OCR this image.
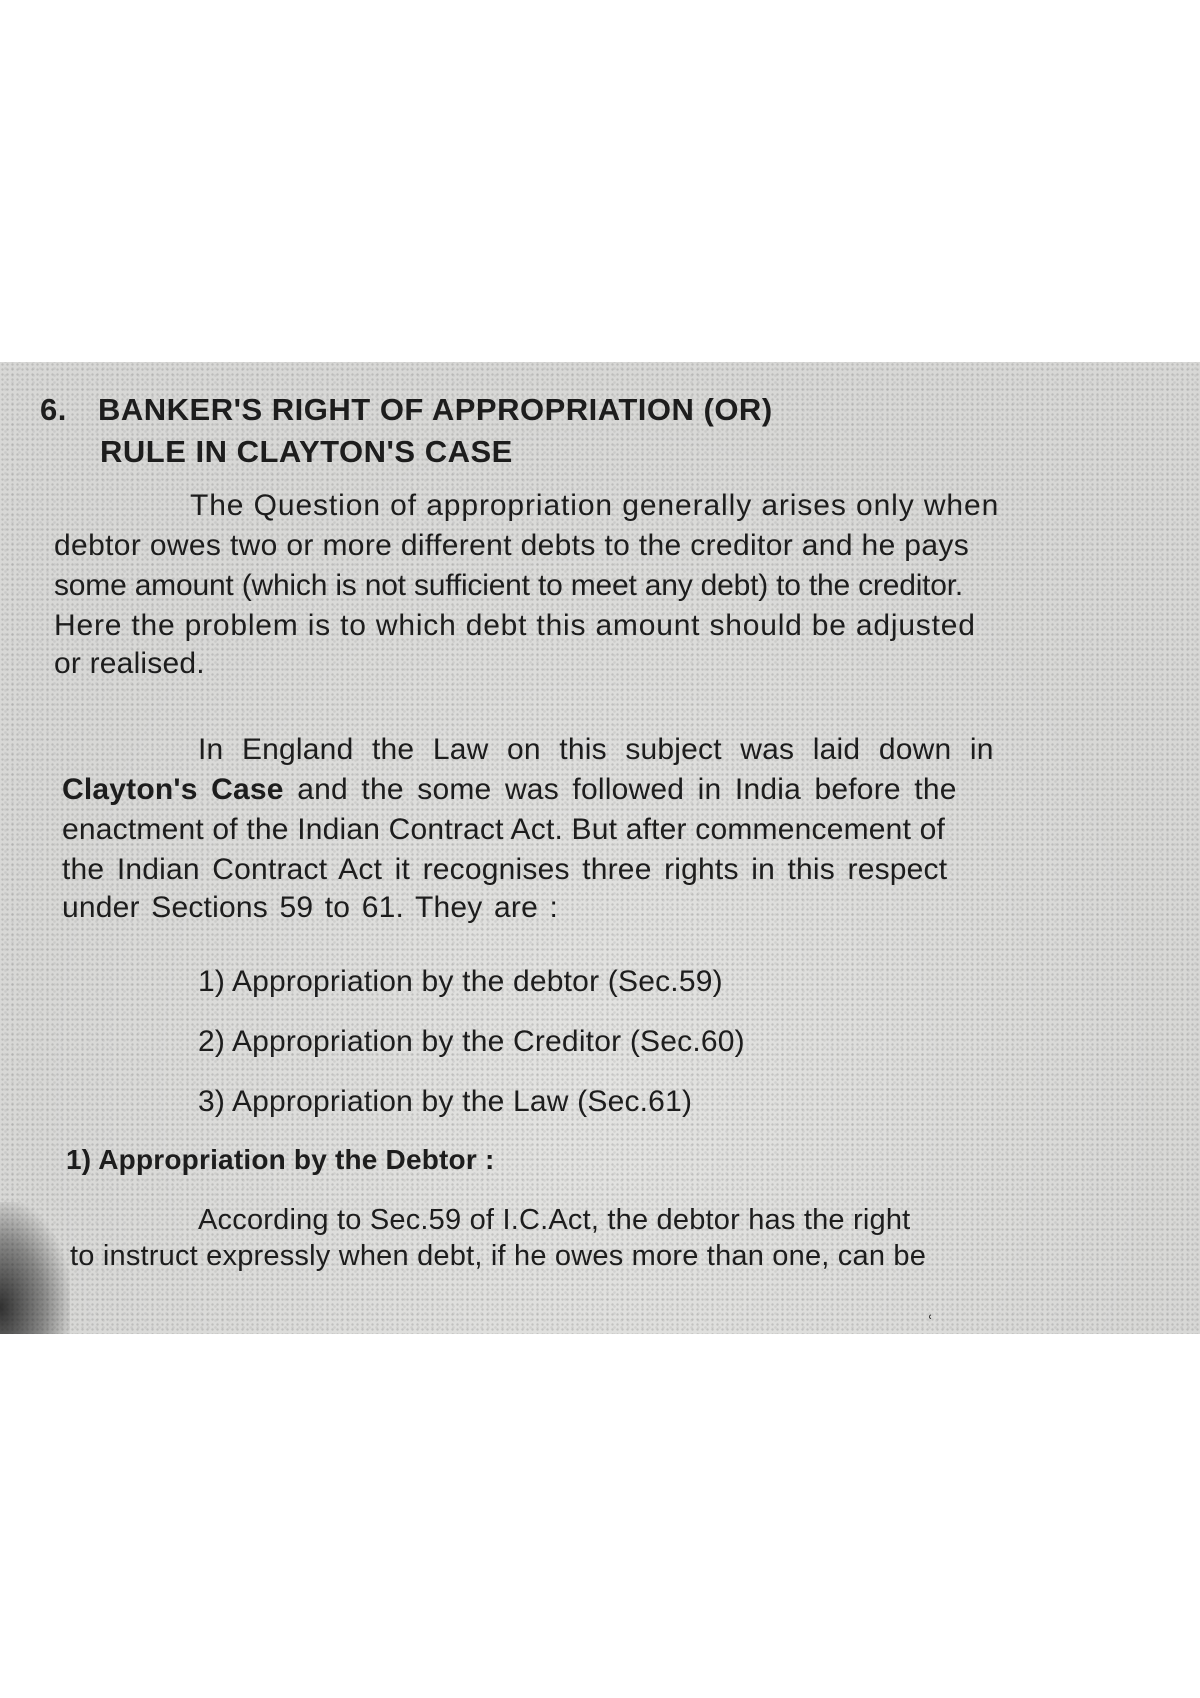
6. BANKER'S RIGHT OF APPROPRIATION (OR)
RULE IN CLAYTON'S CASE
The Question of appropriation generally arises only when
debtor owes two or more different debts to the creditor and he pays
some amount (which is not sufficient to meet any debt) to the creditor.
Here the problem is to which debt this amount should be adjusted
or realised.
In England the Law on this subject was laid down in
Clayton's Case and the some was followed in India before the
enactment of the Indian Contract Act. But after commencement of
the Indian Contract Act it recognises three rights in this respect
under Sections 59 to 61. They are :
1) Appropriation by the debtor (Sec.59)
2) Appropriation by the Creditor (Sec.60)
3) Appropriation by the Law (Sec.61)
1) Appropriation by the Debtor :
According to Sec.59 of I.C.Act, the debtor has the right
to instruct expressly when debt, if he owes more than one, can be
ʿ
